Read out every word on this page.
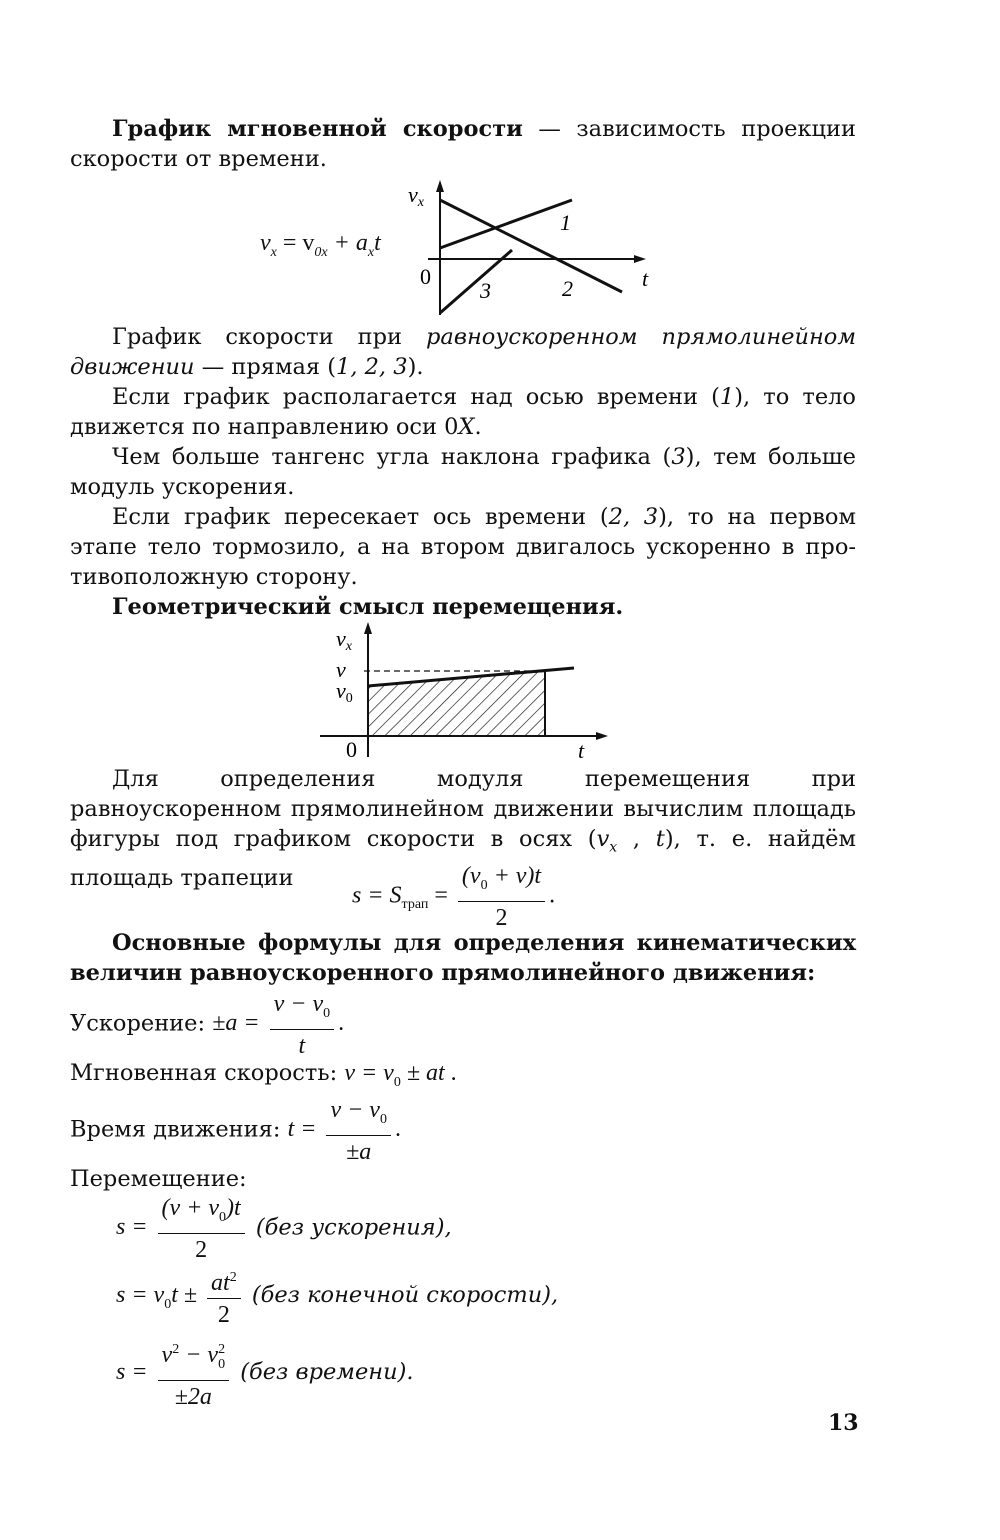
График мгновенной скорости — зависимость проекции скорости от времени.

$v_x = v_{0x} + a_xt$
vx
t
0
1
2
3

График скорости при равноускоренном прямолинейном движении — прямая (1, 2, 3).

Если график располагается над осью времени (1), то тело движется по направлению оси 0X.

Чем больше тангенс угла наклона графика (3), тем больше модуль ускорения.

Если график пересекает ось времени (2, 3), то на первом этапе тело тормозило, а на втором двигалось ускоренно в противоположную сторону.

Геометрический смысл перемещения.
vx
v
v0
0	t

Для определения модуля перемещения при равноускоренном прямолинейном движении вычислим площадь фигуры под графиком скорости в осях ($v_x$ , t), т. е. найдём площадь трапеции

$s = S_{трап} = \frac{(v_0 + v)t}{2}$ .

Основные формулы для определения кинематических величин равноускоренного прямолинейного движения:

Ускорение: $\pm a = \frac{v - v_0}{t}$ .
Мгновенная скорость: $v = v_0$ ± at .
Время движения: $t = \frac{v - v_0}{\pm a}$ .
Перемещение:
$s = \frac{(v + v_0)t}{2} (без$ ускорения),
$s = v_0t \pm \frac{at^2}{2} (без$ конечной скорости),
$s = \frac{v^2 - v^2_0}{\pm 2a} (без$ времени).
13
